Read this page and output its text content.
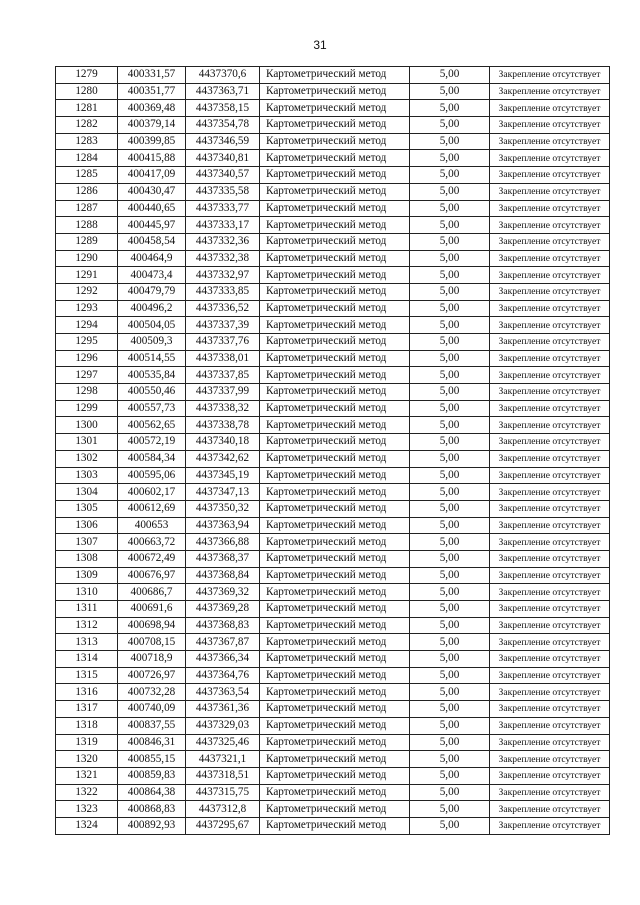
31
1279	400331,57	4437370,6	Картометрический метод	5,00	Закрепление отсутствует
1280	400351,77	4437363,71	Картометрический метод	5,00	Закрепление отсутствует
1281	400369,48	4437358,15	Картометрический метод	5,00	Закрепление отсутствует
1282	400379,14	4437354,78	Картометрический метод	5,00	Закрепление отсутствует
1283	400399,85	4437346,59	Картометрический метод	5,00	Закрепление отсутствует
1284	400415,88	4437340,81	Картометрический метод	5,00	Закрепление отсутствует
1285	400417,09	4437340,57	Картометрический метод	5,00	Закрепление отсутствует
1286	400430,47	4437335,58	Картометрический метод	5,00	Закрепление отсутствует
1287	400440,65	4437333,77	Картометрический метод	5,00	Закрепление отсутствует
1288	400445,97	4437333,17	Картометрический метод	5,00	Закрепление отсутствует
1289	400458,54	4437332,36	Картометрический метод	5,00	Закрепление отсутствует
1290	400464,9	4437332,38	Картометрический метод	5,00	Закрепление отсутствует
1291	400473,4	4437332,97	Картометрический метод	5,00	Закрепление отсутствует
1292	400479,79	4437333,85	Картометрический метод	5,00	Закрепление отсутствует
1293	400496,2	4437336,52	Картометрический метод	5,00	Закрепление отсутствует
1294	400504,05	4437337,39	Картометрический метод	5,00	Закрепление отсутствует
1295	400509,3	4437337,76	Картометрический метод	5,00	Закрепление отсутствует
1296	400514,55	4437338,01	Картометрический метод	5,00	Закрепление отсутствует
1297	400535,84	4437337,85	Картометрический метод	5,00	Закрепление отсутствует
1298	400550,46	4437337,99	Картометрический метод	5,00	Закрепление отсутствует
1299	400557,73	4437338,32	Картометрический метод	5,00	Закрепление отсутствует
1300	400562,65	4437338,78	Картометрический метод	5,00	Закрепление отсутствует
1301	400572,19	4437340,18	Картометрический метод	5,00	Закрепление отсутствует
1302	400584,34	4437342,62	Картометрический метод	5,00	Закрепление отсутствует
1303	400595,06	4437345,19	Картометрический метод	5,00	Закрепление отсутствует
1304	400602,17	4437347,13	Картометрический метод	5,00	Закрепление отсутствует
1305	400612,69	4437350,32	Картометрический метод	5,00	Закрепление отсутствует
1306	400653	4437363,94	Картометрический метод	5,00	Закрепление отсутствует
1307	400663,72	4437366,88	Картометрический метод	5,00	Закрепление отсутствует
1308	400672,49	4437368,37	Картометрический метод	5,00	Закрепление отсутствует
1309	400676,97	4437368,84	Картометрический метод	5,00	Закрепление отсутствует
1310	400686,7	4437369,32	Картометрический метод	5,00	Закрепление отсутствует
1311	400691,6	4437369,28	Картометрический метод	5,00	Закрепление отсутствует
1312	400698,94	4437368,83	Картометрический метод	5,00	Закрепление отсутствует
1313	400708,15	4437367,87	Картометрический метод	5,00	Закрепление отсутствует
1314	400718,9	4437366,34	Картометрический метод	5,00	Закрепление отсутствует
1315	400726,97	4437364,76	Картометрический метод	5,00	Закрепление отсутствует
1316	400732,28	4437363,54	Картометрический метод	5,00	Закрепление отсутствует
1317	400740,09	4437361,36	Картометрический метод	5,00	Закрепление отсутствует
1318	400837,55	4437329,03	Картометрический метод	5,00	Закрепление отсутствует
1319	400846,31	4437325,46	Картометрический метод	5,00	Закрепление отсутствует
1320	400855,15	4437321,1	Картометрический метод	5,00	Закрепление отсутствует
1321	400859,83	4437318,51	Картометрический метод	5,00	Закрепление отсутствует
1322	400864,38	4437315,75	Картометрический метод	5,00	Закрепление отсутствует
1323	400868,83	4437312,8	Картометрический метод	5,00	Закрепление отсутствует
1324	400892,93	4437295,67	Картометрический метод	5,00	Закрепление отсутствует
